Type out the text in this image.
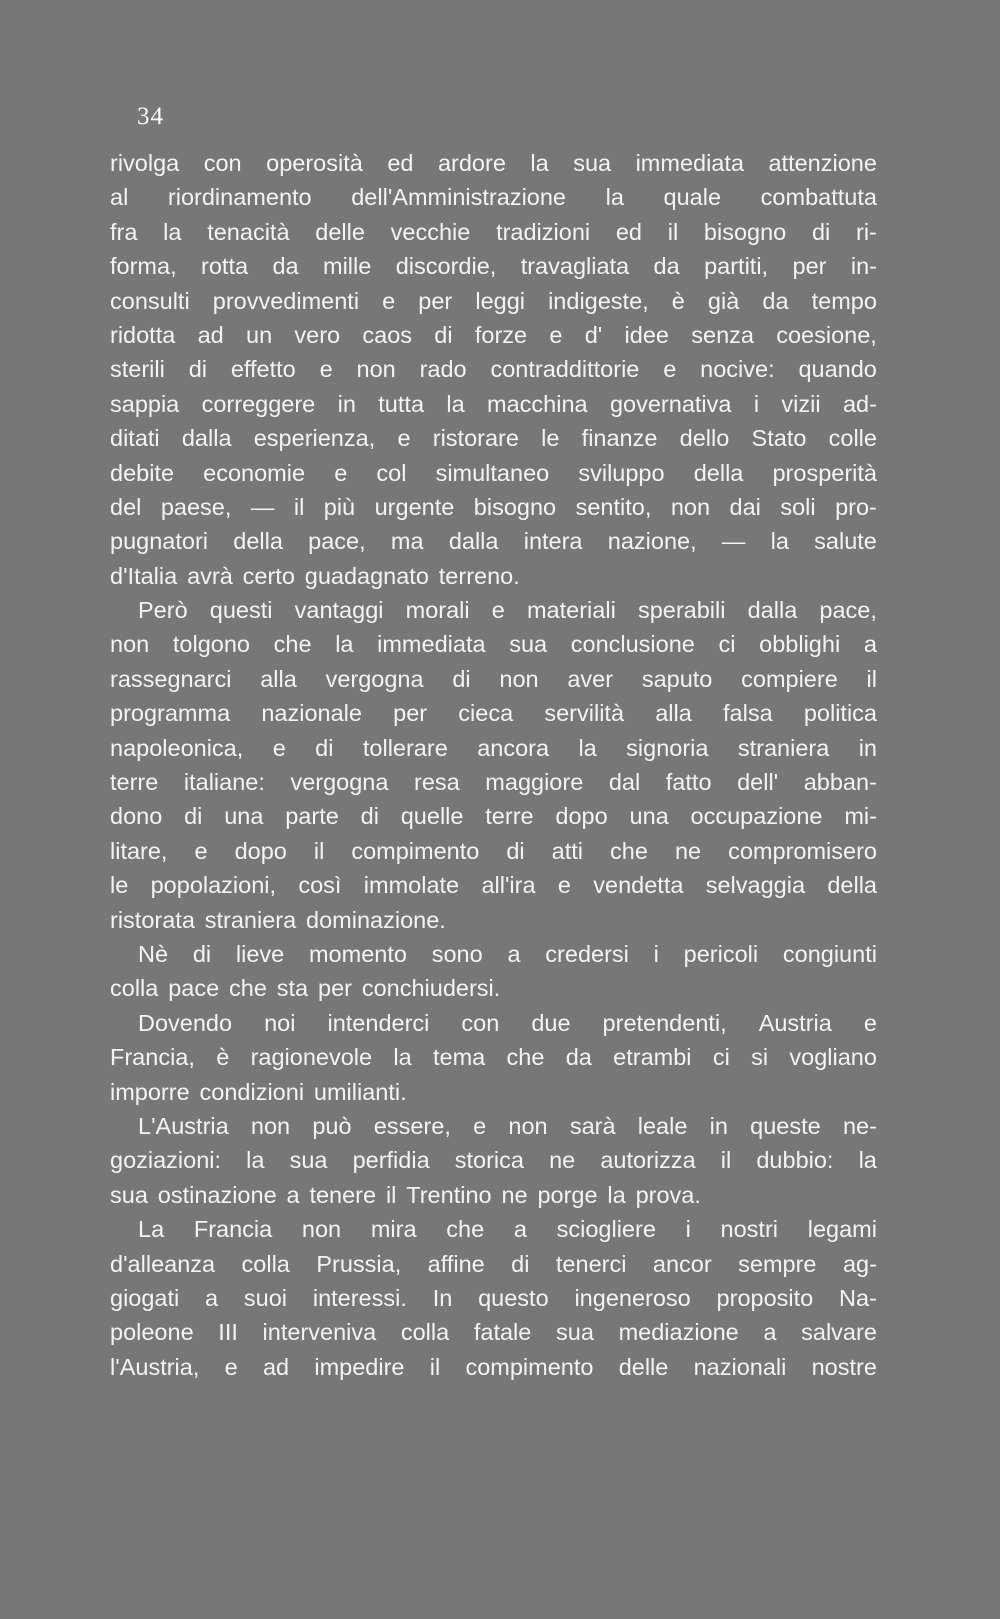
34
rivolga con operosità ed ardore la sua immediata attenzione
al riordinamento dell'Amministrazione la quale combattuta
fra la tenacità delle vecchie tradizioni ed il bisogno di ri-
forma, rotta da mille discordie, travagliata da partiti, per in-
consulti provvedimenti e per leggi indigeste, è già da tempo
ridotta ad un vero caos di forze e d' idee senza coesione,
sterili di effetto e non rado contraddittorie e nocive: quando
sappia correggere in tutta la macchina governativa i vizii ad-
ditati dalla esperienza, e ristorare le finanze dello Stato colle
debite economie e col simultaneo sviluppo della prosperità
del paese, — il più urgente bisogno sentito, non dai soli pro-
pugnatori della pace, ma dalla intera nazione, — la salute
d'Italia avrà certo guadagnato terreno.
Però questi vantaggi morali e materiali sperabili dalla pace,
non tolgono che la immediata sua conclusione ci obblighi a
rassegnarci alla vergogna di non aver saputo compiere il
programma nazionale per cieca servilità alla falsa politica
napoleonica, e di tollerare ancora la signoria straniera in
terre italiane: vergogna resa maggiore dal fatto dell' abban-
dono di una parte di quelle terre dopo una occupazione mi-
litare, e dopo il compimento di atti che ne compromisero
le popolazioni, così immolate all'ira e vendetta selvaggia della
ristorata straniera dominazione.
Nè di lieve momento sono a credersi i pericoli congiunti
colla pace che sta per conchiudersi.
Dovendo noi intenderci con due pretendenti, Austria e
Francia, è ragionevole la tema che da etrambi ci si vogliano
imporre condizioni umilianti.
L'Austria non può essere, e non sarà leale in queste ne-
goziazioni: la sua perfidia storica ne autorizza il dubbio: la
sua ostinazione a tenere il Trentino ne porge la prova.
La Francia non mira che a sciogliere i nostri legami
d'alleanza colla Prussia, affine di tenerci ancor sempre ag-
giogati a suoi interessi. In questo ingeneroso proposito Na-
poleone III interveniva colla fatale sua mediazione a salvare
l'Austria, e ad impedire il compimento delle nazionali nostre
